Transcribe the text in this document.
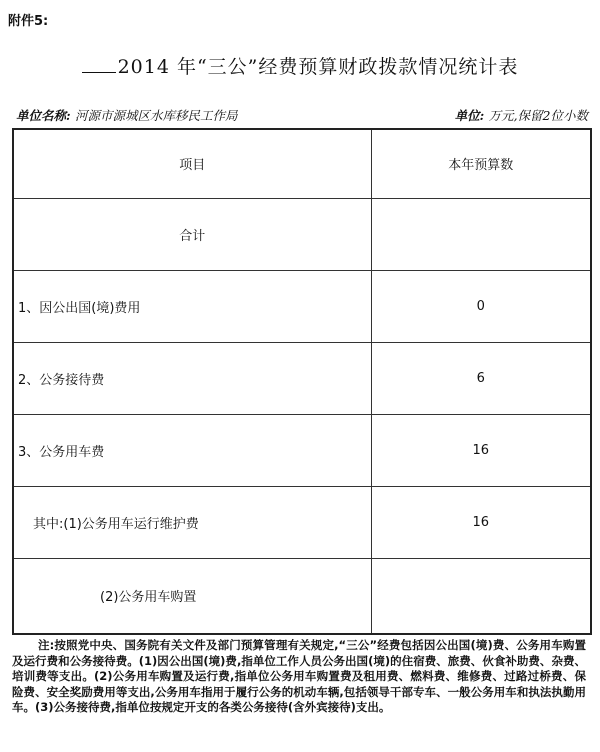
附件5:
2014 年“三公”经费预算财政拨款情况统计表
单位名称: 河源市源城区水库移民工作局	单位: 万元,保留2位小数
项目	本年预算数
合计	
1、因公出国(境)费用	0
2、公务接待费	6
3、公务用车费	16
其中:(1)公务用车运行维护费	16
(2)公务用车购置	
注:按照党中央、国务院有关文件及部门预算管理有关规定,“三公”经费包括因公出国(境)费、公务用车购置及运行费和公务接待费。(1)因公出国(境)费,指单位工作人员公务出国(境)的住宿费、旅费、伙食补助费、杂费、培训费等支出。(2)公务用车购置及运行费,指单位公务用车购置费及租用费、燃料费、维修费、过路过桥费、保险费、安全奖励费用等支出,公务用车指用于履行公务的机动车辆,包括领导干部专车、一般公务用车和执法执勤用车。(3)公务接待费,指单位按规定开支的各类公务接待(含外宾接待)支出。
